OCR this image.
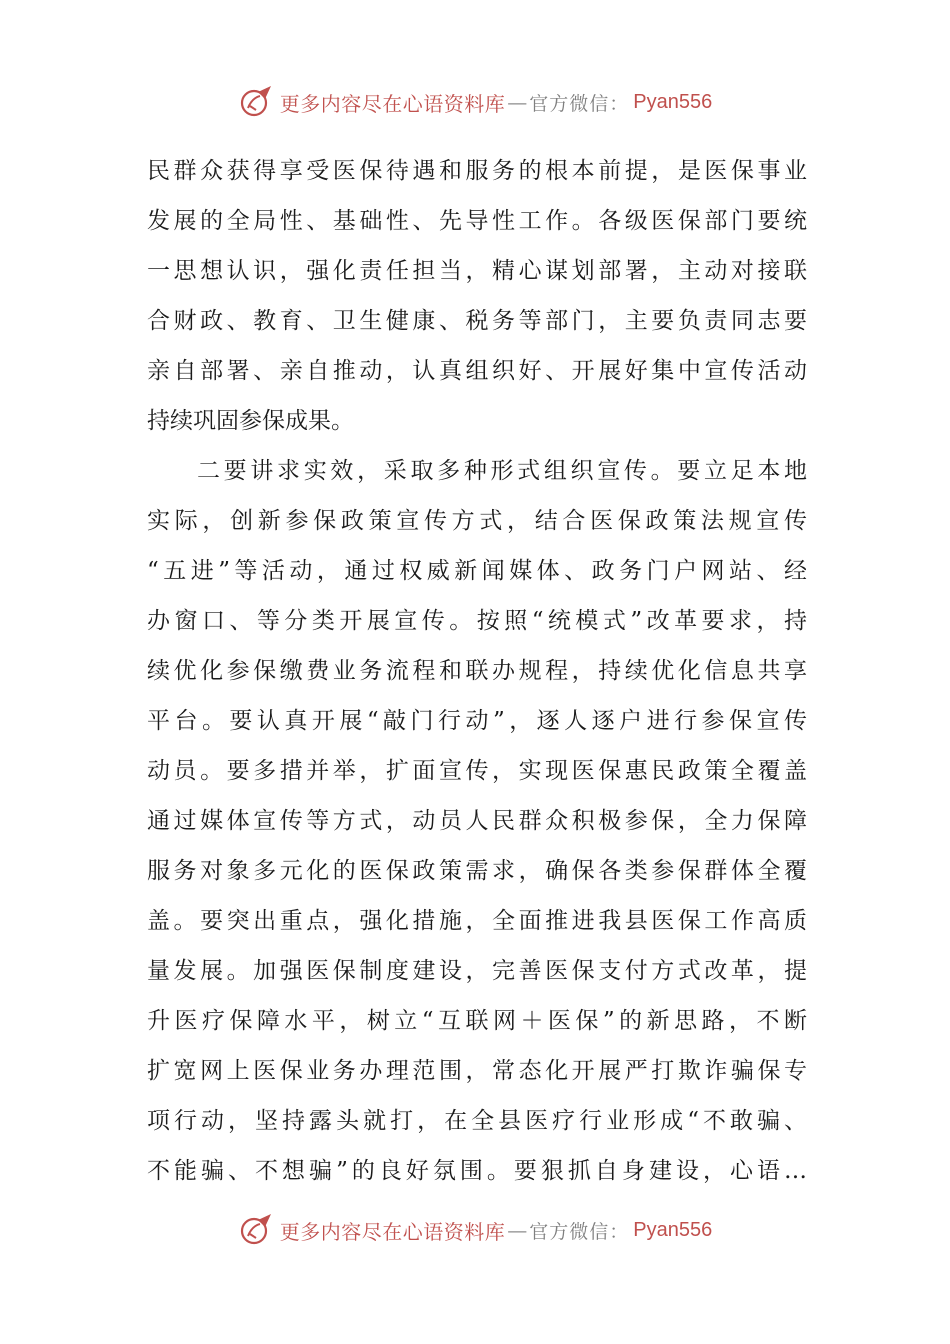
更多内容尽在心语资料库 — 官方微信： Pyan556
民群众获得享受医保待遇和服务的根本前提，是医保事业
发展的全局性、基础性、先导性工作。各级医保部门要统
一思想认识，强化责任担当，精心谋划部署，主动对接联
合财政、教育、卫生健康、税务等部门，主要负责同志要
亲自部署、亲自推动，认真组织好、开展好集中宣传活动
持续巩固参保成果。
二要讲求实效，采取多种形式组织宣传。要立足本地
实际，创新参保政策宣传方式，结合医保政策法规宣传
“五进”等活动，通过权威新闻媒体、政务门户网站、经
办窗口、等分类开展宣传。按照“统模式”改革要求，持
续优化参保缴费业务流程和联办规程，持续优化信息共享
平台。要认真开展“敲门行动”，逐人逐户进行参保宣传
动员。要多措并举，扩面宣传，实现医保惠民政策全覆盖
通过媒体宣传等方式，动员人民群众积极参保，全力保障
服务对象多元化的医保政策需求，确保各类参保群体全覆
盖。要突出重点，强化措施，全面推进我县医保工作高质
量发展。加强医保制度建设，完善医保支付方式改革，提
升医疗保障水平，树立“互联网＋医保”的新思路，不断
扩宽网上医保业务办理范围，常态化开展严打欺诈骗保专
项行动，坚持露头就打，在全县医疗行业形成“不敢骗、
不能骗、不想骗”的良好氛围。要狠抓自身建设，心语…
更多内容尽在心语资料库 — 官方微信： Pyan556
